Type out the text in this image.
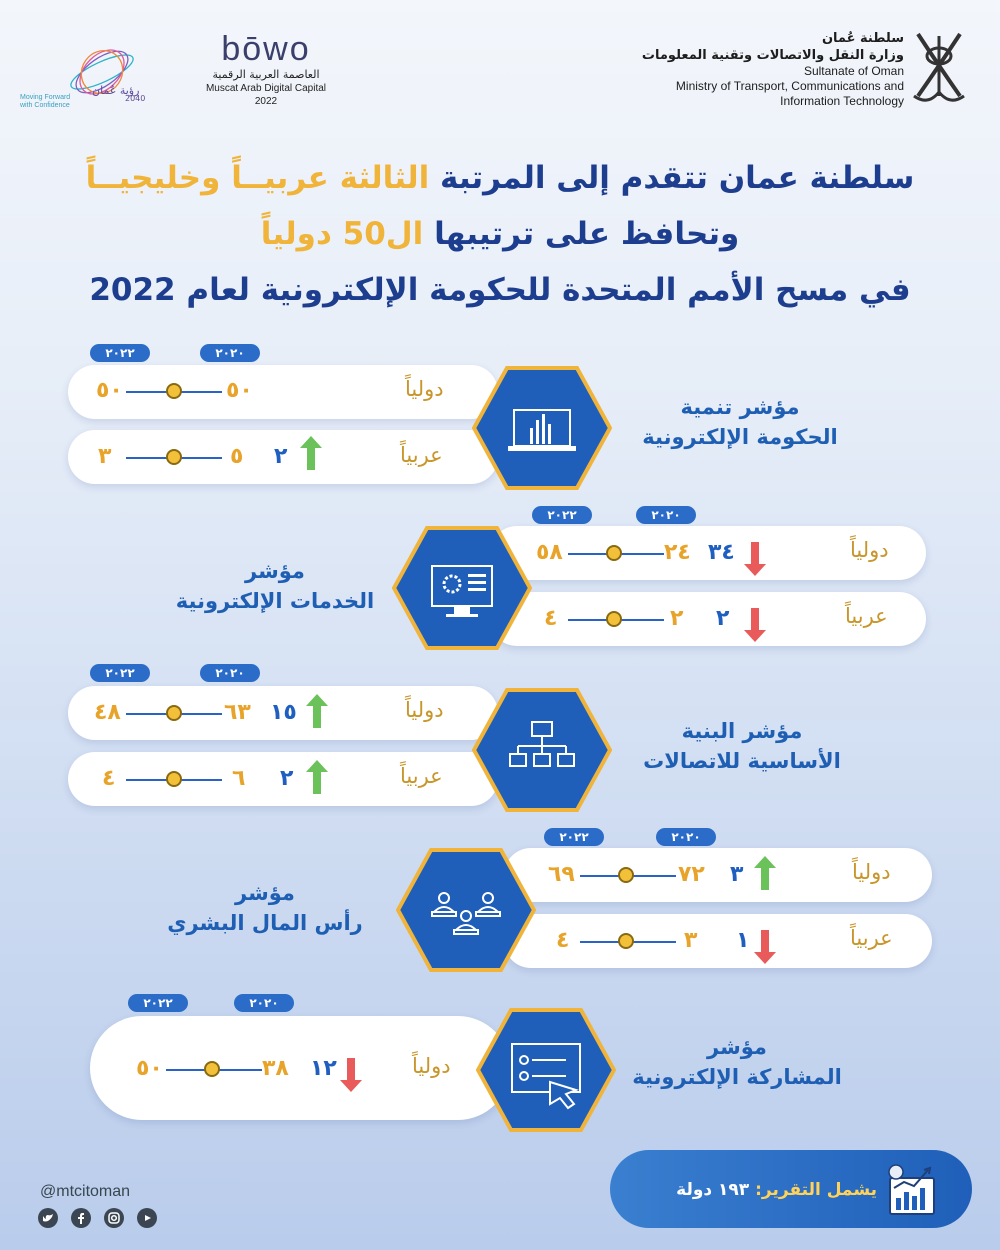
سلطنة عُمان
وزارة النقل والاتصالات وتقنية المعلومات
Sultanate of Oman
Ministry of Transport, Communications and
Information Technology
bōwo
العاصمة العربية الرقمية
Muscat Arab Digital Capital
2022
رؤية عُمان
2040
Moving Forward with Confidence
سلطنة عمان تتقدم إلى المرتبة الثالثة عربيــاً وخليجيــاً
وتحافظ على ترتيبها ال50 دولياً
في مسح الأمم المتحدة للحكومة الإلكترونية لعام 2022
٢٠٢٢	٢٠٢٠
دولياً
٥٠	٥٠
عربياً
٣	٥ ٢
مؤشر تنمية
الحكومة الإلكترونية
٢٠٢٢	٢٠٢٠
دولياً
٥٨	٢٤ ٣٤
عربياً
٤	٢ ٢
مؤشر
الخدمات الإلكترونية
٢٠٢٢	٢٠٢٠
دولياً
٤٨	٦٣ ١٥
عربياً
٤	٦ ٢
مؤشر البنية
الأساسية للاتصالات
٢٠٢٢	٢٠٢٠
دولياً
٦٩	٧٢ ٣
عربياً
٤	٣ ١
مؤشر
رأس المال البشري
٢٠٢٢	٢٠٢٠
دولياً
٥٠	٣٨ ١٢
مؤشر
المشاركة الإلكترونية
@mtcitoman

	يشمل التقرير: ١٩٣ دولة
